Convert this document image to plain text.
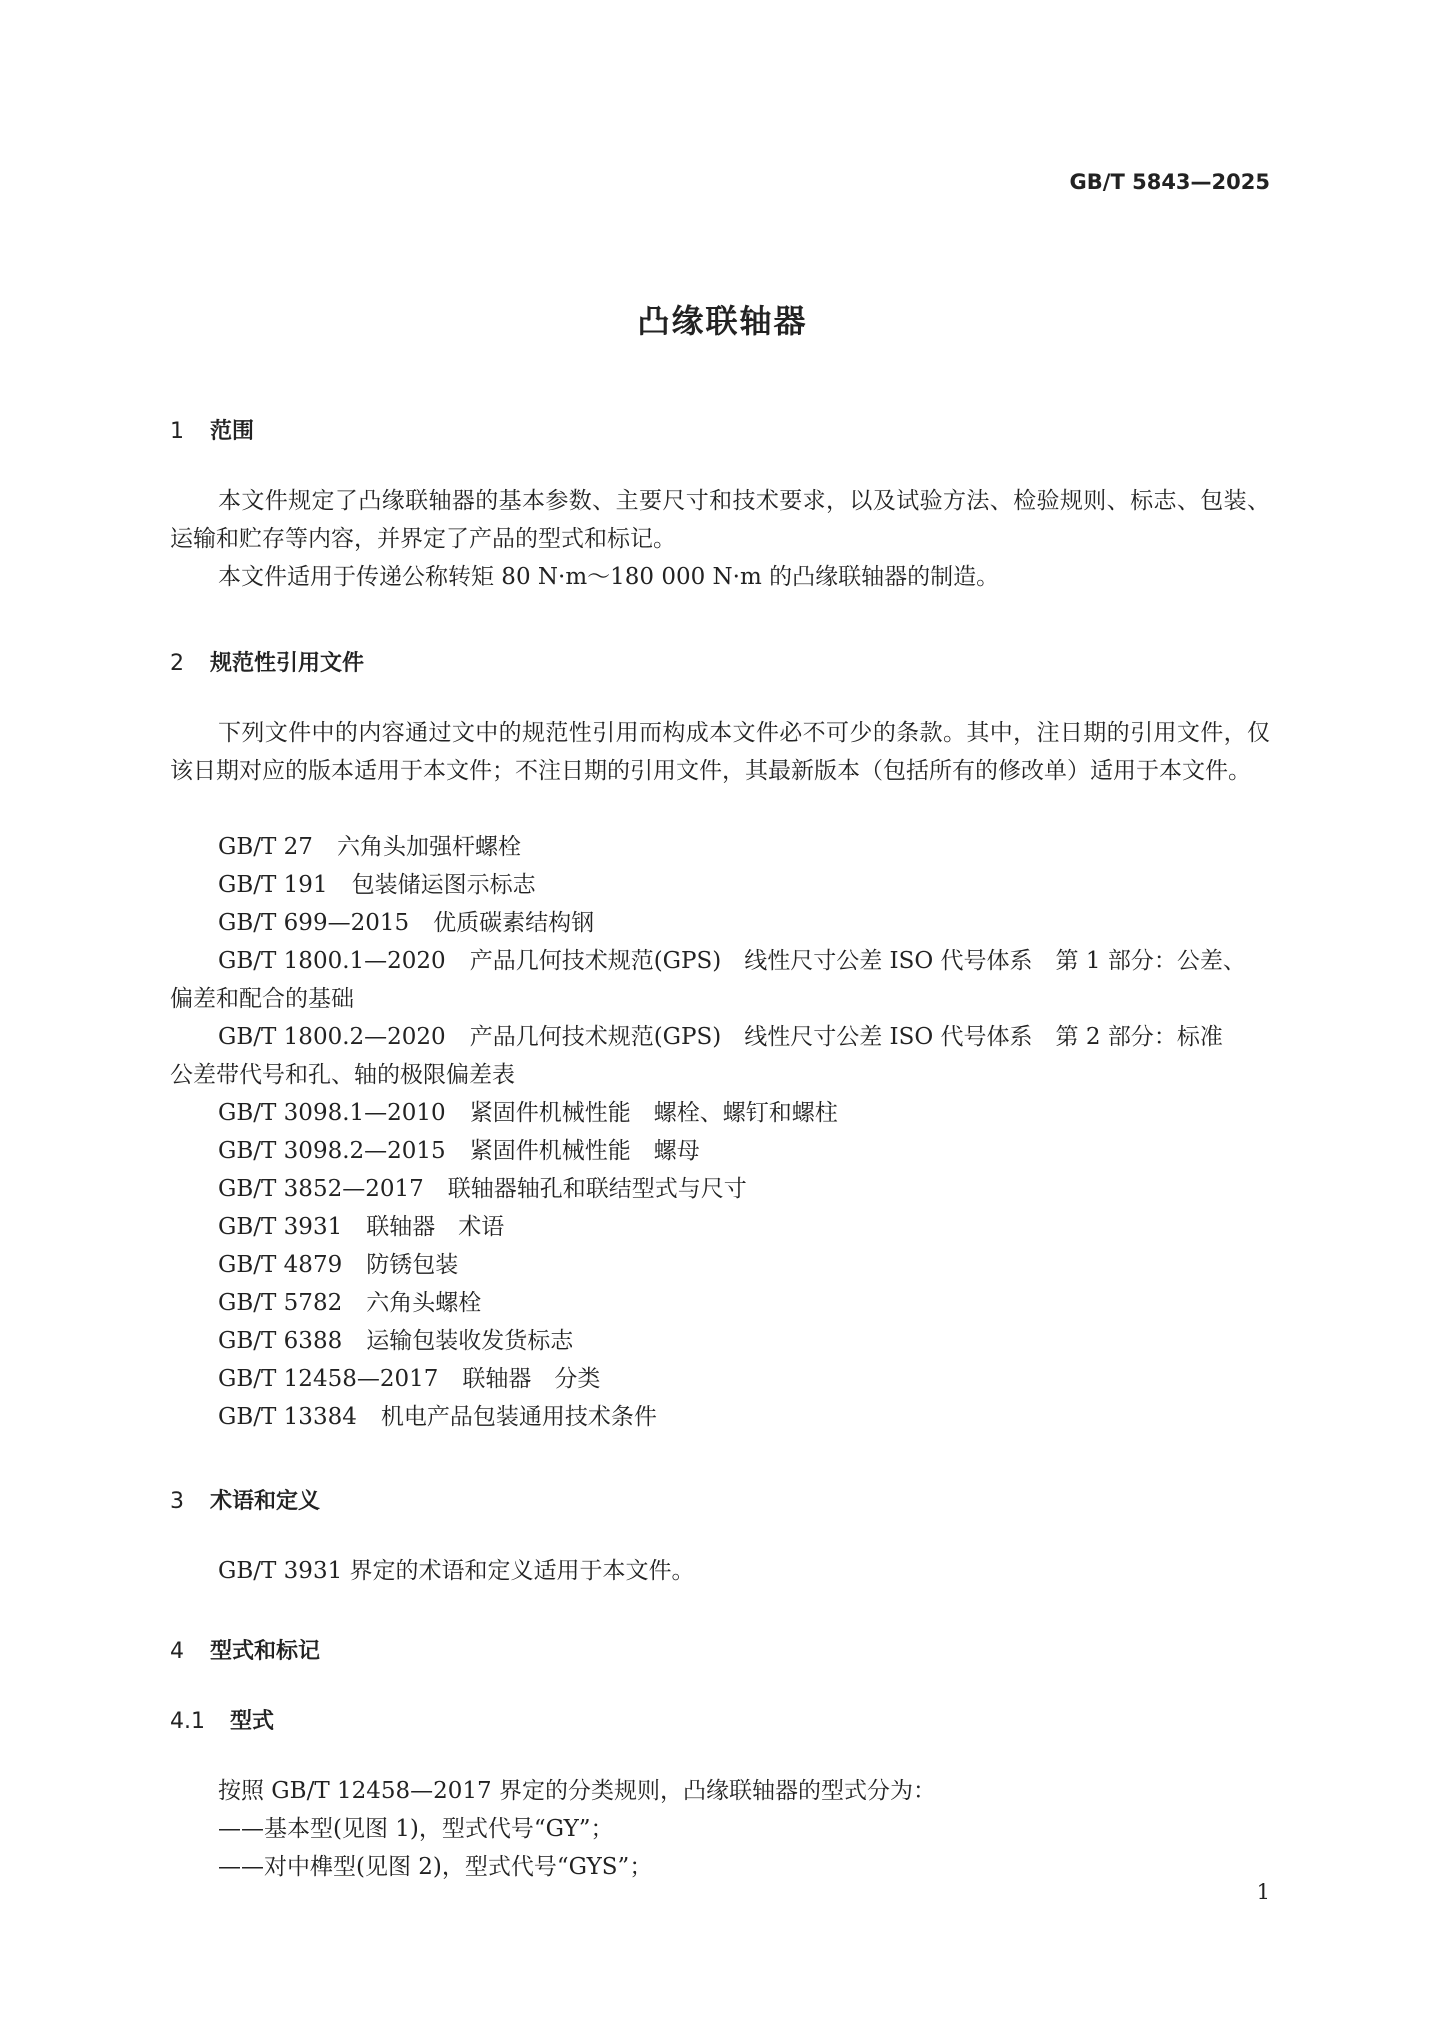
GB/T 5843—2025
凸缘联轴器
1 范围
本文件规定了凸缘联轴器的基本参数、主要尺寸和技术要求，以及试验方法、检验规则、标志、包装、运输和贮存等内容，并界定了产品的型式和标记。
本文件适用于传递公称转矩 80 N·m～180 000 N·m 的凸缘联轴器的制造。
2 规范性引用文件
下列文件中的内容通过文中的规范性引用而构成本文件必不可少的条款。其中，注日期的引用文件，仅该日期对应的版本适用于本文件；不注日期的引用文件，其最新版本（包括所有的修改单）适用于本文件。
GB/T 27 六角头加强杆螺栓
GB/T 191 包装储运图示标志
GB/T 699—2015 优质碳素结构钢
GB/T 1800.1—2020 产品几何技术规范(GPS)　线性尺寸公差 ISO 代号体系　第 1 部分：公差、
偏差和配合的基础
GB/T 1800.2—2020 产品几何技术规范(GPS)　线性尺寸公差 ISO 代号体系　第 2 部分：标准
公差带代号和孔、轴的极限偏差表
GB/T 3098.1—2010 紧固件机械性能　螺栓、螺钉和螺柱
GB/T 3098.2—2015 紧固件机械性能　螺母
GB/T 3852—2017 联轴器轴孔和联结型式与尺寸
GB/T 3931 联轴器　术语
GB/T 4879 防锈包装
GB/T 5782 六角头螺栓
GB/T 6388 运输包装收发货标志
GB/T 12458—2017 联轴器　分类
GB/T 13384 机电产品包装通用技术条件
3 术语和定义
GB/T 3931 界定的术语和定义适用于本文件。
4 型式和标记
4.1 型式
按照 GB/T 12458—2017 界定的分类规则，凸缘联轴器的型式分为：
——基本型(见图 1)，型式代号“GY”；
——对中榫型(见图 2)，型式代号“GYS”；
1
